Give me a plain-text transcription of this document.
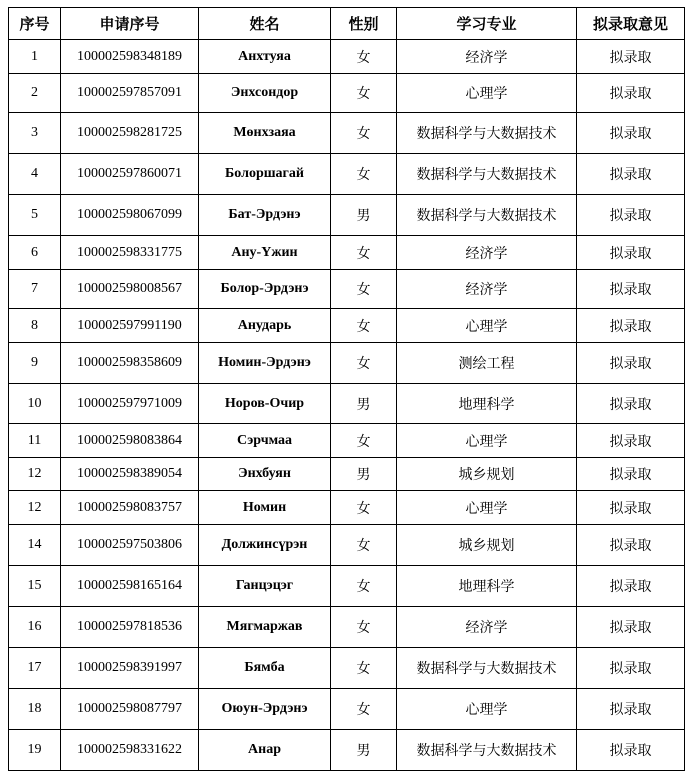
序号	申请序号	姓名	性别	学习专业	拟录取意见
1	100002598348189	Анхтуяа	女	经济学	拟录取
2	100002597857091	Энхсондор	女	心理学	拟录取
3	100002598281725	Мөнхзаяа	女	数据科学与大数据技术	拟录取
4	100002597860071	Болоршагай	女	数据科学与大数据技术	拟录取
5	100002598067099	Бат-Эрдэнэ	男	数据科学与大数据技术	拟录取
6	100002598331775	Ану-Үжин	女	经济学	拟录取
7	100002598008567	Болор-Эрдэнэ	女	经济学	拟录取
8	100002597991190	Анударь	女	心理学	拟录取
9	100002598358609	Номин-Эрдэнэ	女	测绘工程	拟录取
10	100002597971009	Норов-Очир	男	地理科学	拟录取
11	100002598083864	Сэрчмаа	女	心理学	拟录取
12	100002598389054	Энхбуян	男	城乡规划	拟录取
12	100002598083757	Номин	女	心理学	拟录取
14	100002597503806	Должинсүрэн	女	城乡规划	拟录取
15	100002598165164	Ганцэцэг	女	地理科学	拟录取
16	100002597818536	Мягмаржав	女	经济学	拟录取
17	100002598391997	Бямба	女	数据科学与大数据技术	拟录取
18	100002598087797	Оюун-Эрдэнэ	女	心理学	拟录取
19	100002598331622	Анар	男	数据科学与大数据技术	拟录取
